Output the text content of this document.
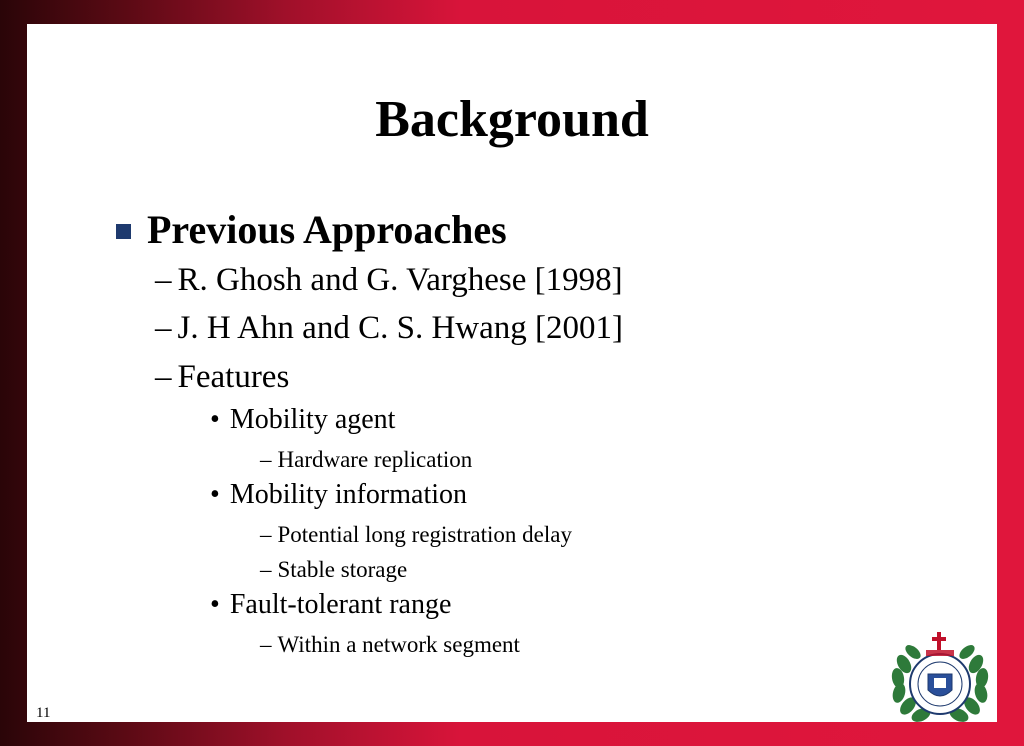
Background
Previous Approaches
– R. Ghosh and G. Varghese [1998]
– J. H Ahn and C. S. Hwang [2001]
– Features
• Mobility agent
– Hardware replication
• Mobility information
– Potential long registration delay
– Stable storage
• Fault-tolerant range
– Within a network segment
11
